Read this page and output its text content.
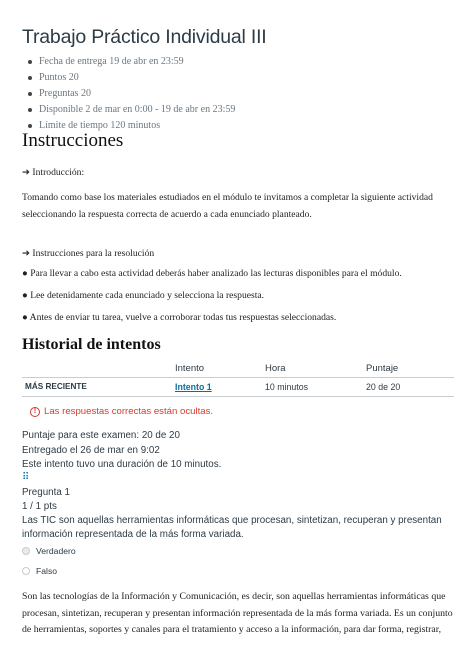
Trabajo Práctico Individual III
Fecha de entrega 19 de abr en 23:59
Puntos 20
Preguntas 20
Disponible 2 de mar en 0:00 - 19 de abr en 23:59
Límite de tiempo 120 minutos
Instrucciones

➔ Introducción:

Tomando como base los materiales estudiados en el módulo te invitamos a completar la siguiente actividad seleccionando la respuesta correcta de acuerdo a cada enunciado planteado.

➔ Instrucciones para la resolución

● Para llevar a cabo esta actividad deberás haber analizado las lecturas disponibles para el módulo.

● Lee detenidamente cada enunciado y selecciona la respuesta.

● Antes de enviar tu tarea, vuelve a corroborar todas tus respuestas seleccionadas.

Historial de intentos
	Intento	Hora	Puntaje
MÁS RECIENTE	Intento 1	10 minutos	20 de 20
! Las respuestas correctas están ocultas.

Puntaje para este examen: 20 de 20

Entregado el 26 de mar en 9:02

Este intento tuvo una duración de 10 minutos.

⠿

Pregunta 1

1 / 1 pts

Las TIC son aquellas herramientas informáticas que procesan, sintetizan, recuperan y presentan información representada de la más forma variada.

Verdadero
Falso

Son las tecnologías de la Información y Comunicación, es decir, son aquellas herramientas informáticas que procesan, sintetizan, recuperan y presentan información representada de la más forma variada. Es un conjunto de herramientas, soportes y canales para el tratamiento y acceso a la información, para dar forma, registrar,
